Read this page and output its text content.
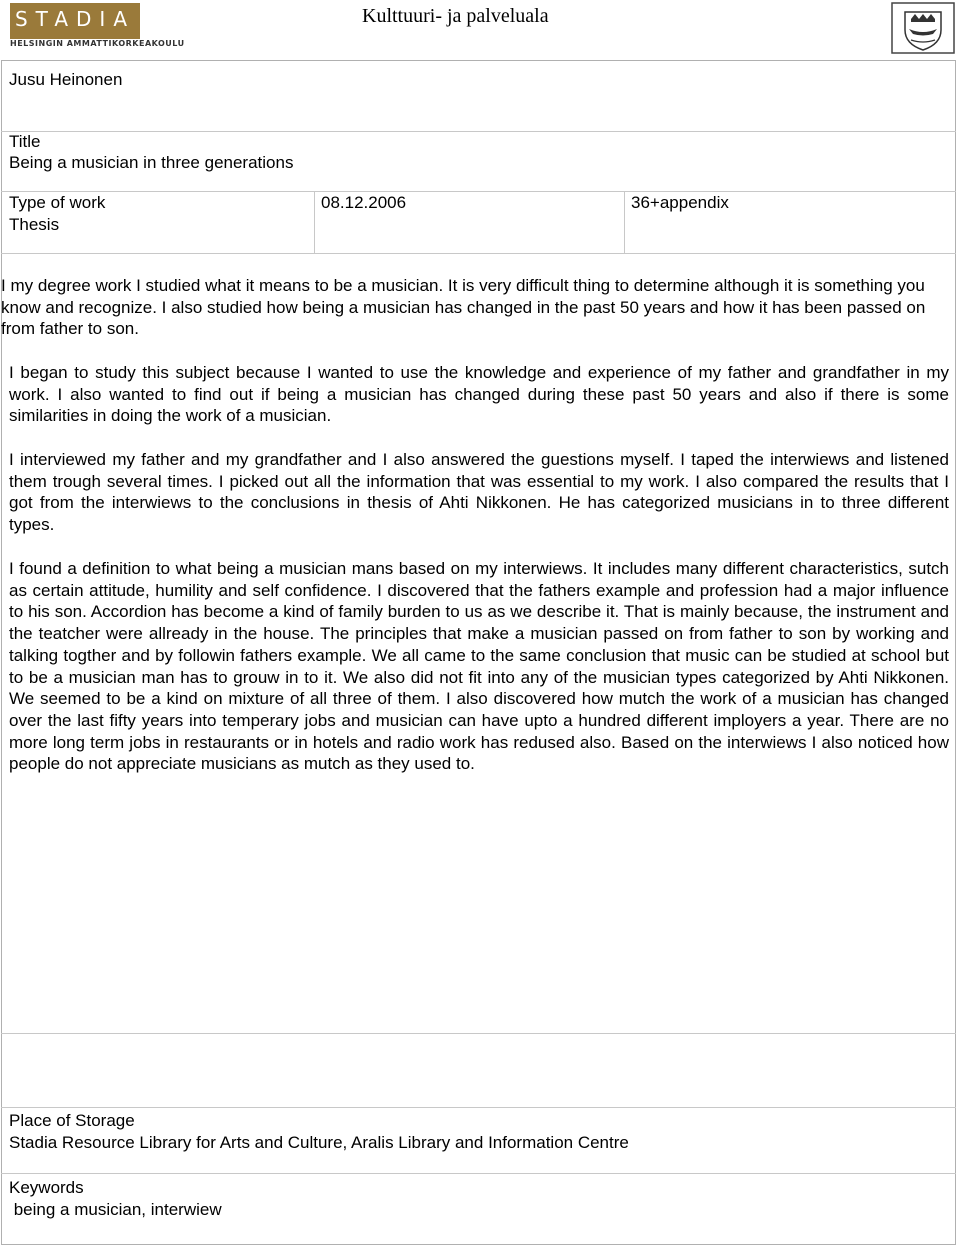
STADIA
HELSINGIN AMMATTIKORKEAKOULU
Kulttuuri- ja palveluala
Jusu Heinonen
Title
Being a musician in three generations
Type of work
Thesis
08.12.2006	36+appendix
I my degree work I studied what it means to be a musician. It is very difficult thing to determine although it is something you know and recognize. I also studied how being a musician has changed in the past 50 years and how it has been passed on from father to son.
I began to study this subject because I wanted to use the knowledge and experience of my father and grandfather in my work. I also wanted to find out if being a musician has changed during these past 50 years and also if there is some similarities in doing the work of a musician.
I interviewed my father and my grandfather and I also answered the guestions myself. I taped the interwiews and listened them trough several times. I picked out all the information that was essential to my work. I also compared the results that I got from the interwiews to the conclusions in thesis of Ahti Nikkonen. He has categorized musicians in to three different types.
I found a definition to what being a musician mans based on my interwiews. It includes many different characteristics, sutch as certain attitude, humility and self confidence. I discovered that the fathers example and profession had a major influence to his son. Accordion has become a kind of family burden to us as we describe it. That is mainly because, the instrument and the teatcher were allready in the house. The principles that make a musician passed on from father to son by working and talking togther and by followin fathers example. We all came to the same conclusion that music can be studied at school but to be a musician man has to grouw in to it. We also did not fit into any of the musician types categorized by Ahti Nikkonen. We seemed to be a kind on mixture of all three of them. I also discovered how mutch the work of a musician has changed over the last fifty years into temperary jobs and musician can have upto a hundred different imployers a year. There are no more long term jobs in restaurants or in hotels and radio work has redused also. Based on the interwiews I also noticed how people do not appreciate musicians as mutch as they used to.
Place of Storage
Stadia Resource Library for Arts and Culture, Aralis Library and Information Centre
Keywords
being a musician, interwiew
